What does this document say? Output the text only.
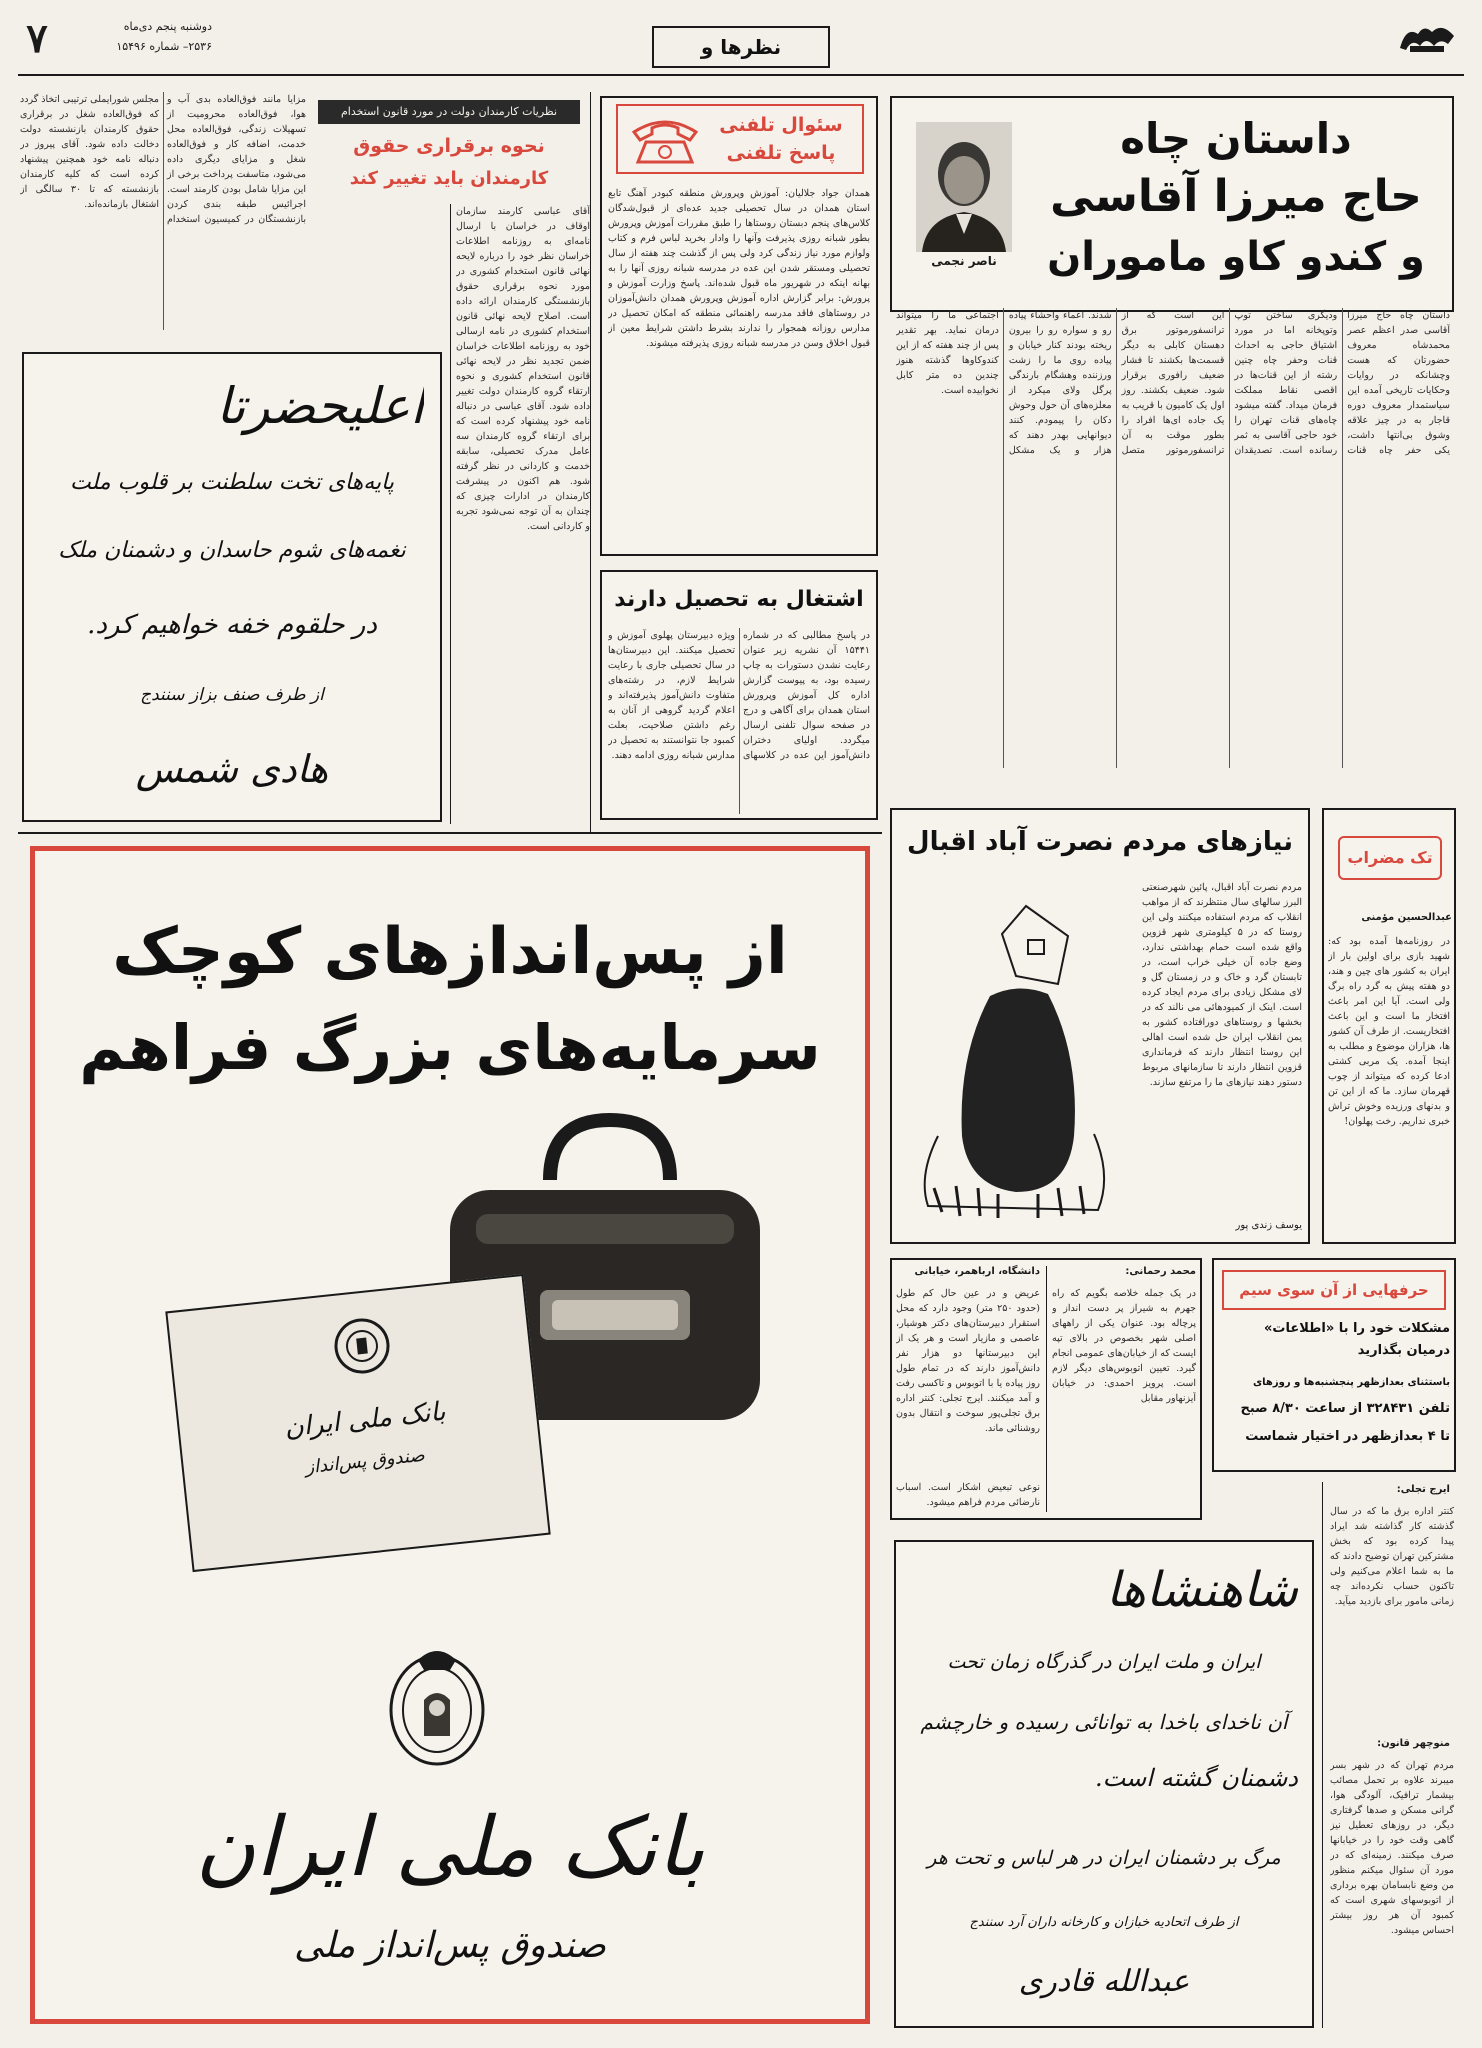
نظرها و
۷	دوشنبه پنجم دی‌ماه
۲۵۳۶– شماره ۱۵۴۹۶
داستان چاه
حاج میرزا آقاسی
و کندو کاو ماموران
ناصر نجمی
داستان چاه حاج میرزا آقاسی صدر اعظم عصر محمدشاه معروف حضورتان که هست وچشانکه در روایات وحکایات تاریخی آمده این سیاستمدار معروف دوره قاجار به در چیز علاقه وشوق بی‌انتها داشت، یکی حفر چاه قنات ودیگری ساختن توپ وتوپخانه اما در مورد اشتیاق حاجی به احداث قنات وحفر چاه چنین رشته از این قنات‌ها در اقصی نقاط مملکت فرمان میداد. گفته میشود چاه‌های قنات تهران را خود حاجی آقاسی به ثمر رسانده است. تصدیقدان این است که از ترانسفورموتور برق دهستان کابلی به دیگر قسمت‌ها بکشند تا فشار ضعیف رافوری برقرار شود. ضعیف بکشند. روز اول یک کامیون با قریب به یک جاده ای‌ها افراد را بطور موقت به آن ترانسفورموتور متصل شدند. اعماء واحشاء پیاده رو و سواره رو را بیرون ریخته بودند کنار خیابان و پیاده روی ما را زشت ورزننده وهشگام بارندگی پرگل ولای میکرد از معلزه‌های آن حول وحوش دکان را پیمودم. کنند دیوانهایی بهدر دهند که هزار و یک مشکل اجتماعی ما را میتواند درمان نماید. بهر تقدیر پس از چند هفته که از این کندوکاوها گذشته هنوز چندین ده متر کابل نخوابیده است.
سئوال تلفنی
پاسخ تلفنی
همدان جواد جلالیان: آموزش وپرورش منطقه کبودر آهنگ تابع استان همدان در سال تحصیلی جدید عده‌ای از قبول‌شدگان کلاس‌های پنجم دبستان روستاها را طبق مقررات آموزش وپرورش بطور شبانه روزی پذیرفت وآنها را وادار بخرید لباس فرم و کتاب ولوازم مورد نیاز زندگی کرد ولی پس از گذشت چند هفته از سال تحصیلی ومستقر شدن این عده در مدرسه شبانه روزی آنها را به بهانه اینکه در شهریور ماه قبول شده‌اند. پاسخ وزارت آموزش و پرورش: برابر گزارش اداره آموزش وپرورش همدان دانش‌آموزان در روستاهای فاقد مدرسه راهنمائی منطقه که امکان تحصیل در مدارس روزانه همجوار را ندارند بشرط داشتن شرایط معین از قبول اخلاق وسن در مدرسه شبانه روزی پذیرفته میشوند.
اشتغال به تحصیل دارند
در پاسخ مطالبی که در شماره ۱۵۴۴۱ آن نشریه زیر عنوان رعایت نشدن دستورات به چاپ رسیده بود، به پیوست گزارش اداره کل آموزش وپرورش استان همدان برای آگاهی و درج در صفحه سوال تلفنی ارسال میگردد. اولیای دختران دانش‌آموز این عده در کلاسهای ویژه دبیرستان پهلوی آموزش و تحصیل میکنند. این دبیرستان‌ها در سال تحصیلی جاری با رعایت شرایط لازم، در رشته‌های متفاوت دانش‌آموز پذیرفته‌اند و اعلام گردید گروهی از آنان به رغم داشتن صلاحیت، بعلت کمبود جا نتوانستند به تحصیل در مدارس شبانه روزی ادامه دهند.
نظریات کارمندان دولت در مورد قانون استخدام
نحوه برقراری حقوق
کارمندان باید تغییر کند
آقای عباسی کارمند سازمان اوقاف در خراسان با ارسال نامه‌ای به روزنامه اطلاعات خراسان نظر خود را درباره لایحه نهائی قانون استخدام کشوری در مورد نحوه برقراری حقوق بازنشستگی کارمندان ارائه داده است. اصلاح لایحه نهائی قانون استخدام کشوری در نامه ارسالی خود به روزنامه اطلاعات خراسان ضمن تجدید نظر در لایحه نهائی قانون استخدام کشوری و نحوه ارتقاء گروه کارمندان دولت تغییر داده شود. آقای عباسی در دنباله نامه خود پیشنهاد کرده است که برای ارتقاء گروه کارمندان سه عامل مدرک تحصیلی، سابقه خدمت و کاردانی در نظر گرفته شود. هم اکنون در پیشرفت کارمندان در ادارات چیزی که چندان به آن توجه نمی‌شود تجربه و کاردانی است.
مزایا مانند فوق‌العاده بدی آب و هوا، فوق‌العاده محرومیت از تسهیلات زندگی، فوق‌العاده محل خدمت، اضافه کار و فوق‌العاده شغل و مزایای دیگری داده می‌شود، متاسفت پرداخت برخی از این مزایا شامل بودن کارمند است. اجرائیس طبقه بندی کردن بازنشستگان در کمیسیون استخدام مجلس شورایملی ترتیبی اتخاذ گردد که فوق‌العاده شغل در برقراری حقوق کارمندان بازنشسته دولت دخالت داده شود. آقای پیروز در دنباله نامه خود همچنین پیشنهاد کرده است که کلیه کارمندان بازنشسته که تا ۳۰ سالگی از اشتغال بازمانده‌اند.
اعلیحضرتا
پایه‌های تخت سلطنت بر قلوب ملت
نغمه‌های شوم حاسدان و دشمنان ملک
در حلقوم خفه خواهیم کرد.
از طرف صنف بزاز سنندج
هادی شمس
از پس‌اندازهای کوچک
سرمایه‌های بزرگ فراهم
بانک ملی ایران
صندوق پس‌انداز
بانک ملی ایران
صندوق پس‌انداز ملی
نیازهای مردم نصرت آباد اقبال
مردم نصرت آباد اقبال، پائین شهرصنعتی البرز سالهای سال منتظرند که از مواهب انقلاب که مردم استفاده میکنند ولی این روستا که در ۵ کیلومتری شهر قزوین واقع شده است حمام بهداشتی ندارد، وضع جاده آن خیلی خراب است، در تابستان گرد و خاک و در زمستان گل و لای مشکل زیادی برای مردم ایجاد کرده است. اینک از کمیودهائی می نالند که در بخشها و روستاهای دورافتاده کشور به یمن انقلاب ایران حل شده است اهالی این روستا انتظار دارند که فرمانداری قزوین انتظار دارند تا سازمانهای مربوط دستور دهند نیازهای ما را مرتفع سازند.
یوسف زندی پور
تک مضراب
عبدالحسین مؤمنی
در روزنامه‌ها آمده بود که: شهید بازی برای اولین بار از ایران به کشور های چین و هند، دو هفته پیش به گرد راه برگ ولی است. آیا این امر باعث افتخار ما است و این باعث افتخاریست. از طرف آن کشور ها، هزاران موضوع و مطلب به اینجا آمده. یک مربی کشتی ادعا کرده که میتواند از چوب قهرمان سازد. ما که از این تن و بدنهای ورزیده وخوش تراش خبری نداریم. رخت پهلوان!
محمد رحمانی:
در یک جمله خلاصه بگویم که راه جهرم به شیراز پر دست انداز و پرچاله بود. عنوان یکی از راههای اصلی شهر بخصوص در بالای تپه ایست که از خیابان‌های عمومی انجام گیرد. تعیین اتوبوس‌های دیگر لازم است. پرویز احمدی: در خیابان آیزنهاور مقابل
دانشگاه، ارباهمر، خیابانی
عریض و در عین حال کم طول (حدود ۲۵۰ متر) وجود دارد که محل استقرار دبیرستان‌های دکتر هوشیار، عاصمی و مازیار است و هر یک از این دبیرستانها دو هزار نفر دانش‌آموز دارند که در تمام طول روز پیاده یا با اتوبوس و تاکسی رفت و آمد میکنند. ایرج تجلی: کنتر اداره برق تجلی‌پور سوخت و انتقال بدون روشنائی ماند.
نوعی تبعیض اشکار است. اسباب نارضائی مردم فراهم میشود.
حرفهایی از آن سوی سیم
مشکلات خود را با «اطلاعات»
درمیان بگذارید
باستثنای بعدازظهر پنجشنبه‌ها و روزهای
تلفن ۳۲۸۴۳۱ از ساعت ۸/۳۰ صبح
تا ۴ بعدازظهر در اختیار شماست
ایرج تجلی:
کنتر اداره برق ما که در سال گذشته کار گذاشته شد ایراد پیدا کرده بود که بخش مشترکین تهران توضیح دادند که ما به شما اعلام می‌کنیم ولی تاکنون حساب نکرده‌اند چه زمانی مامور برای بازدید میآید.
منوچهر قانون:
مردم تهران که در شهر بسر میبرند علاوه بر تحمل مصائب بیشمار ترافیک، آلودگی هوا، گرانی مسکن و صدها گرفتاری دیگر، در روزهای تعطیل نیز گاهی وقت خود را در خیابانها صرف میکنند. زمینه‌ای که در مورد آن سئوال میکنم منظور من وضع نابسامان بهره برداری از اتوبوسهای شهری است که کمبود آن هر روز بیشتر احساس میشود.
شاهنشاها
ایران و ملت ایران در گذرگاه زمان تحت
آن ناخدای باخدا به توانائی رسیده و خارچشم
دشمنان گشته است.
مرگ بر دشمنان ایران در هر لباس و تحت هر
از طرف اتحادیه خبازان و کارخانه داران آرد سنندج
عبدالله قادری
